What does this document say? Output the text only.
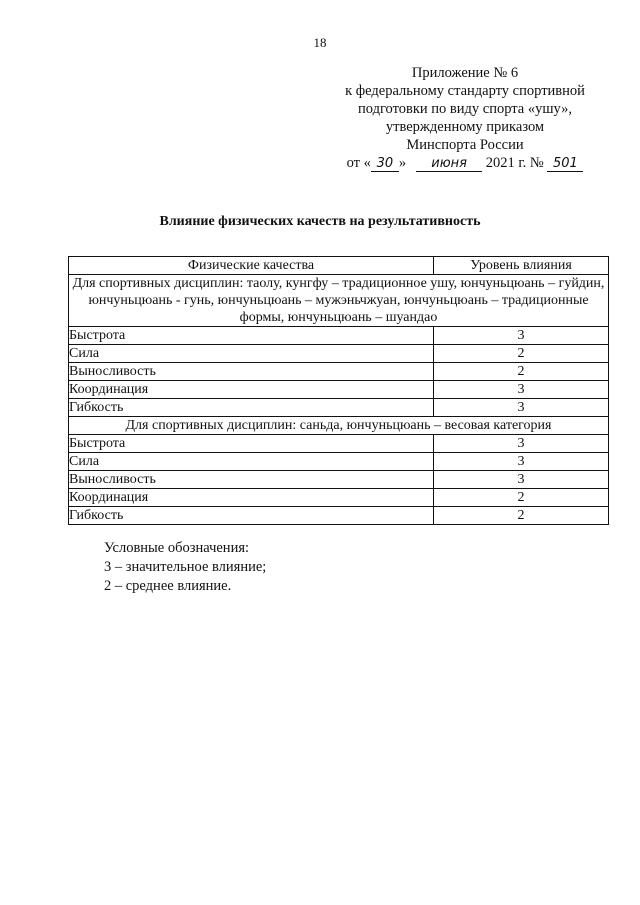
18
Приложение № 6
к федеральному стандарту спортивной
подготовки по виду спорта «ушу»,
утвержденному приказом
Минспорта России
от « 30 » июня 2021 г. № 501
Влияние физических качеств на результативность
Физические качества	Уровень влияния
Для спортивных дисциплин: таолу, кунгфу – традиционное ушу, юнчуньцюань – гуйдин, юнчуньцюань - гунь, юнчуньцюань – мужэньчжуан, юнчуньцюань – традиционные формы, юнчуньцюань – шуандао	
Быстрота	3
Сила	2
Выносливость	2
Координация	3
Гибкость	3
Для спортивных дисциплин: саньда, юнчуньцюань – весовая категория	
Быстрота	3
Сила	3
Выносливость	3
Координация	2
Гибкость	2
Условные обозначения:
3 – значительное влияние;
2 – среднее влияние.
